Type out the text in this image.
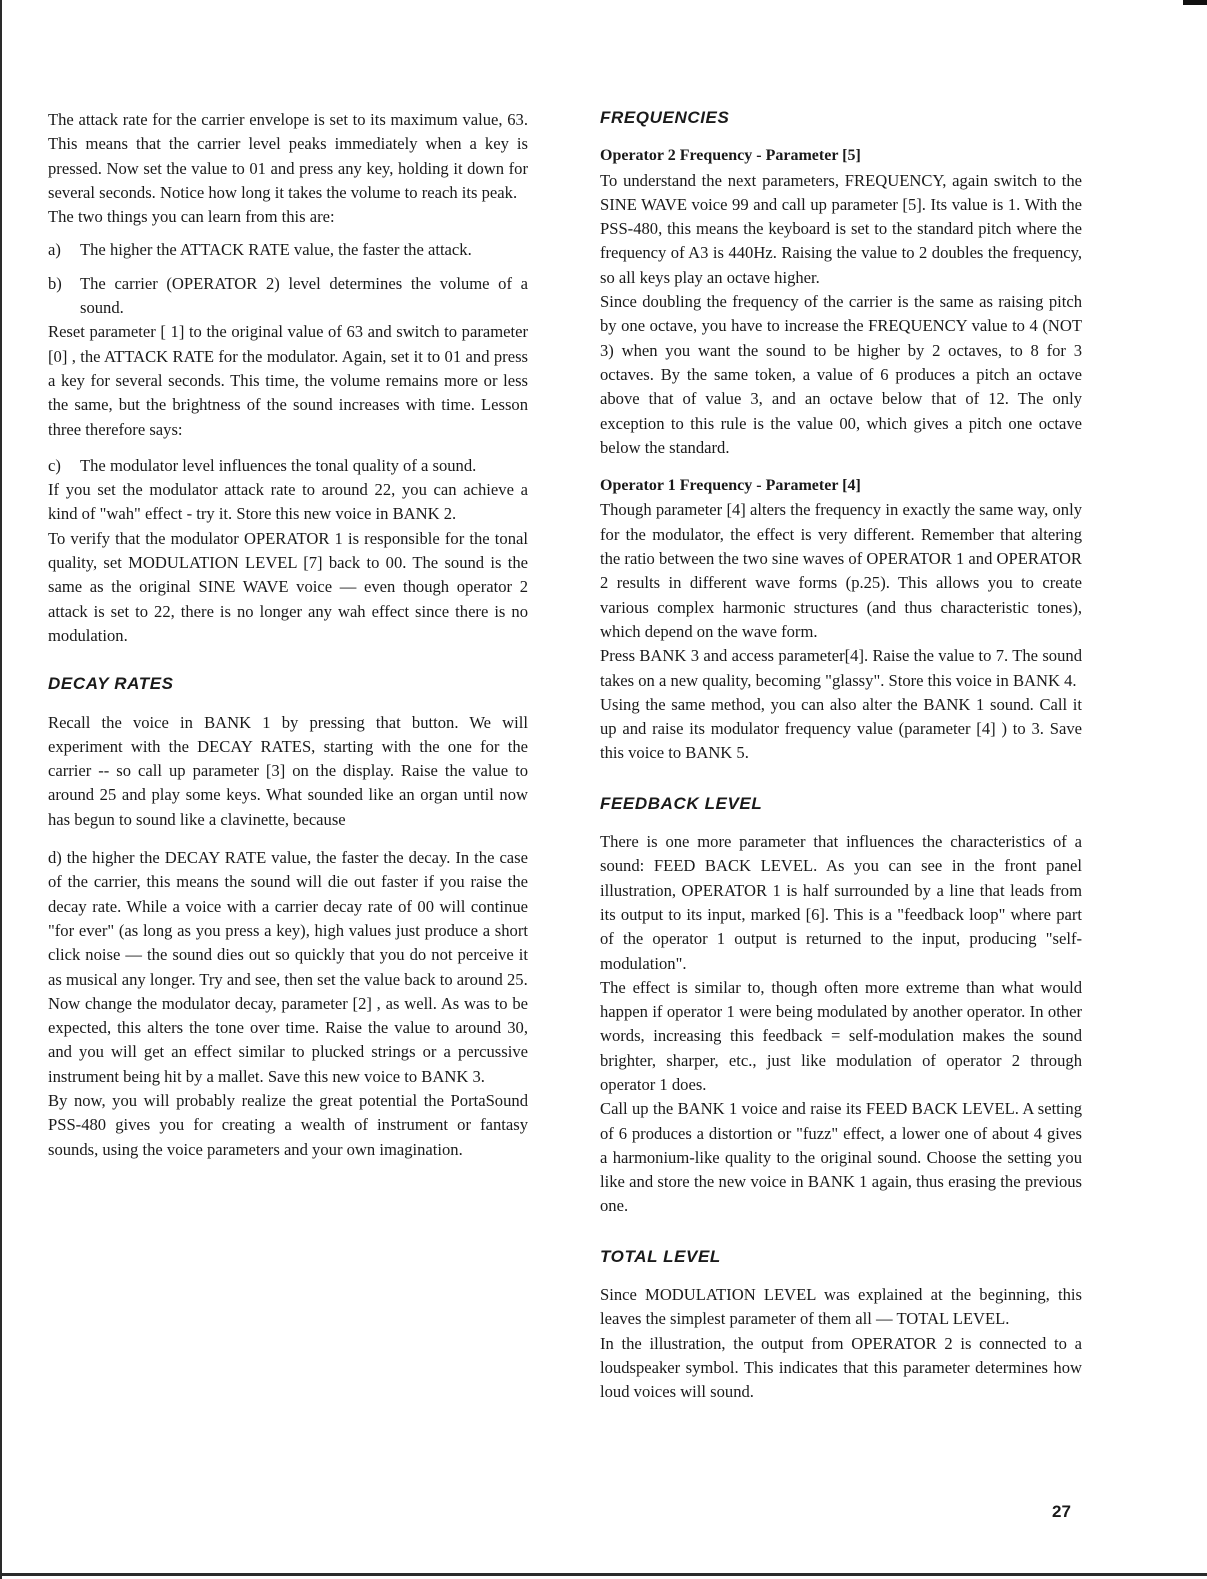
The attack rate for the carrier envelope is set to its maximum value, 63. This means that the carrier level peaks immediately when a key is pressed. Now set the value to 01 and press any key, holding it down for several seconds. Notice how long it takes the volume to reach its peak.

The two things you can learn from this are:

a)	The higher the ATTACK RATE value, the faster the attack.
b)	The carrier (OPERATOR 2) level determines the volume of a sound.

Reset parameter [ 1] to the original value of 63 and switch to parameter [0] , the ATTACK RATE for the modulator. Again, set it to 01 and press a key for several seconds. This time, the volume remains more or less the same, but the brightness of the sound increases with time. Lesson three therefore says:

c)	The modulator level influences the tonal quality of a sound.

If you set the modulator attack rate to around 22, you can achieve a kind of "wah" effect - try it. Store this new voice in BANK 2.

To verify that the modulator OPERATOR 1 is responsible for the tonal quality, set MODULATION LEVEL [7] back to 00. The sound is the same as the original SINE WAVE voice — even though operator 2 attack is set to 22, there is no longer any wah effect since there is no modulation.

DECAY RATES

Recall the voice in BANK 1 by pressing that button. We will experiment with the DECAY RATES, starting with the one for the carrier -- so call up parameter [3] on the display. Raise the value to around 25 and play some keys. What sounded like an organ until now has begun to sound like a clavinette, because

d) the higher the DECAY RATE value, the faster the decay. In the case of the carrier, this means the sound will die out faster if you raise the decay rate. While a voice with a carrier decay rate of 00 will continue "for ever" (as long as you press a key), high values just produce a short click noise — the sound dies out so quickly that you do not perceive it as musical any longer. Try and see, then set the value back to around 25.

Now change the modulator decay, parameter [2] , as well. As was to be expected, this alters the tone over time. Raise the value to around 30, and you will get an effect similar to plucked strings or a percussive instrument being hit by a mallet. Save this new voice to BANK 3.

By now, you will probably realize the great potential the PortaSound PSS-480 gives you for creating a wealth of instrument or fantasy sounds, using the voice parameters and your own imagination.

FREQUENCIES
Operator 2 Frequency - Parameter [5]

To understand the next parameters, FREQUENCY, again switch to the SINE WAVE voice 99 and call up parameter [5]. Its value is 1. With the PSS-480, this means the keyboard is set to the standard pitch where the frequency of A3 is 440Hz. Raising the value to 2 doubles the frequency, so all keys play an octave higher.

Since doubling the frequency of the carrier is the same as raising pitch by one octave, you have to increase the FREQUENCY value to 4 (NOT 3) when you want the sound to be higher by 2 octaves, to 8 for 3 octaves. By the same token, a value of 6 produces a pitch an octave above that of value 3, and an octave below that of 12. The only exception to this rule is the value 00, which gives a pitch one octave below the standard.

Operator 1 Frequency - Parameter [4]

Though parameter [4] alters the frequency in exactly the same way, only for the modulator, the effect is very different. Remember that altering the ratio between the two sine waves of OPERATOR 1 and OPERATOR 2 results in different wave forms (p.25). This allows you to create various complex harmonic structures (and thus characteristic tones), which depend on the wave form.

Press BANK 3 and access parameter[4]. Raise the value to 7. The sound takes on a new quality, becoming "glassy". Store this voice in BANK 4.

Using the same method, you can also alter the BANK 1 sound. Call it up and raise its modulator frequency value (parameter [4] ) to 3. Save this voice to BANK 5.

FEEDBACK LEVEL

There is one more parameter that influences the characteristics of a sound: FEED BACK LEVEL. As you can see in the front panel illustration, OPERATOR 1 is half surrounded by a line that leads from its output to its input, marked [6]. This is a "feedback loop" where part of the operator 1 output is returned to the input, producing "self-modulation".

The effect is similar to, though often more extreme than what would happen if operator 1 were being modulated by another operator. In other words, increasing this feedback = self-modulation makes the sound brighter, sharper, etc., just like modulation of operator 2 through operator 1 does.

Call up the BANK 1 voice and raise its FEED BACK LEVEL. A setting of 6 produces a distortion or "fuzz" effect, a lower one of about 4 gives a harmonium-like quality to the original sound. Choose the setting you like and store the new voice in BANK 1 again, thus erasing the previous one.

TOTAL LEVEL

Since MODULATION LEVEL was explained at the beginning, this leaves the simplest parameter of them all — TOTAL LEVEL.

In the illustration, the output from OPERATOR 2 is connected to a loudspeaker symbol. This indicates that this parameter determines how loud voices will sound.

27
